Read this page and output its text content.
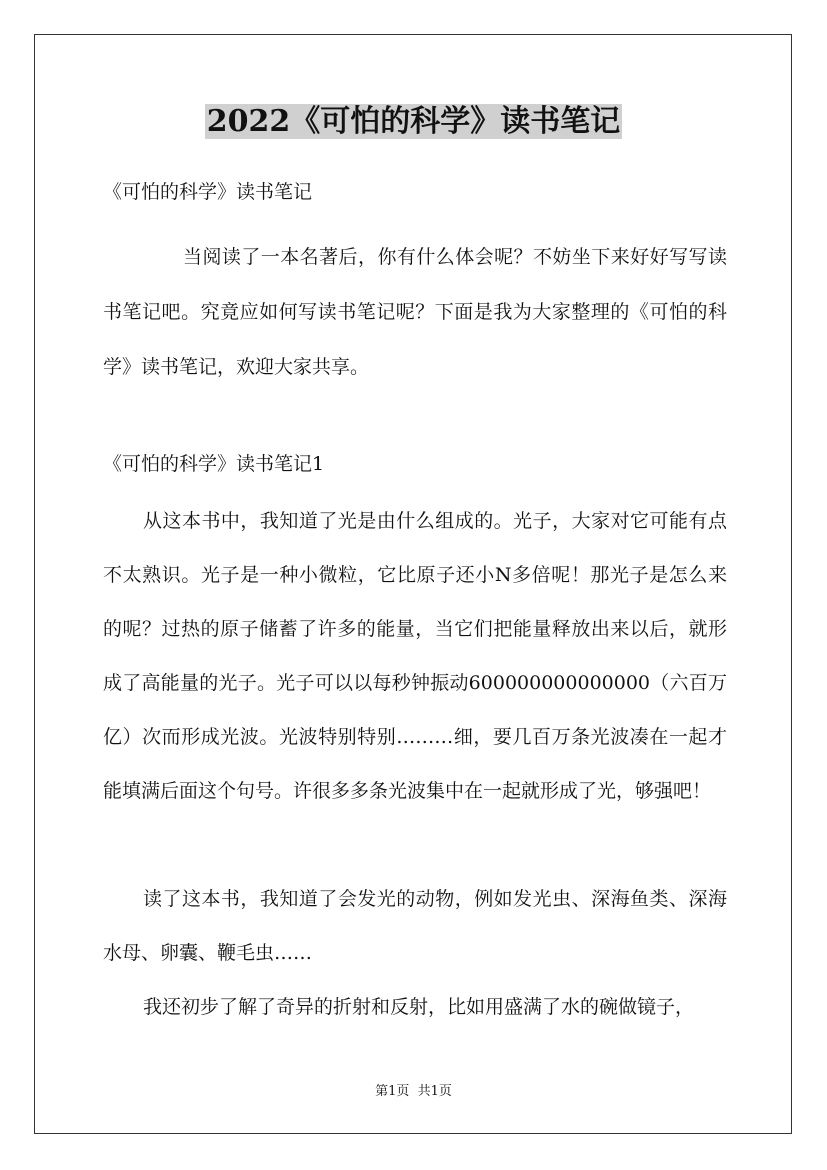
2022《可怕的科学》读书笔记
《可怕的科学》读书笔记
当阅读了一本名著后，你有什么体会呢？不妨坐下来好好写写读书笔记吧。究竟应如何写读书笔记呢？下面是我为大家整理的《可怕的科学》读书笔记，欢迎大家共享。
《可怕的科学》读书笔记1
从这本书中，我知道了光是由什么组成的。光子，大家对它可能有点不太熟识。光子是一种小微粒，它比原子还小N多倍呢！那光子是怎么来的呢？过热的原子储蓄了许多的能量，当它们把能量释放出来以后，就形成了高能量的光子。光子可以以每秒钟振动600000000000000（六百万亿）次而形成光波。光波特别特别………细，要几百万条光波凑在一起才能填满后面这个句号。许很多多条光波集中在一起就形成了光，够强吧！
读了这本书，我知道了会发光的动物，例如发光虫、深海鱼类、深海水母、卵囊、鞭毛虫……
我还初步了解了奇异的折射和反射，比如用盛满了水的碗做镜子，
第1页  共1页
